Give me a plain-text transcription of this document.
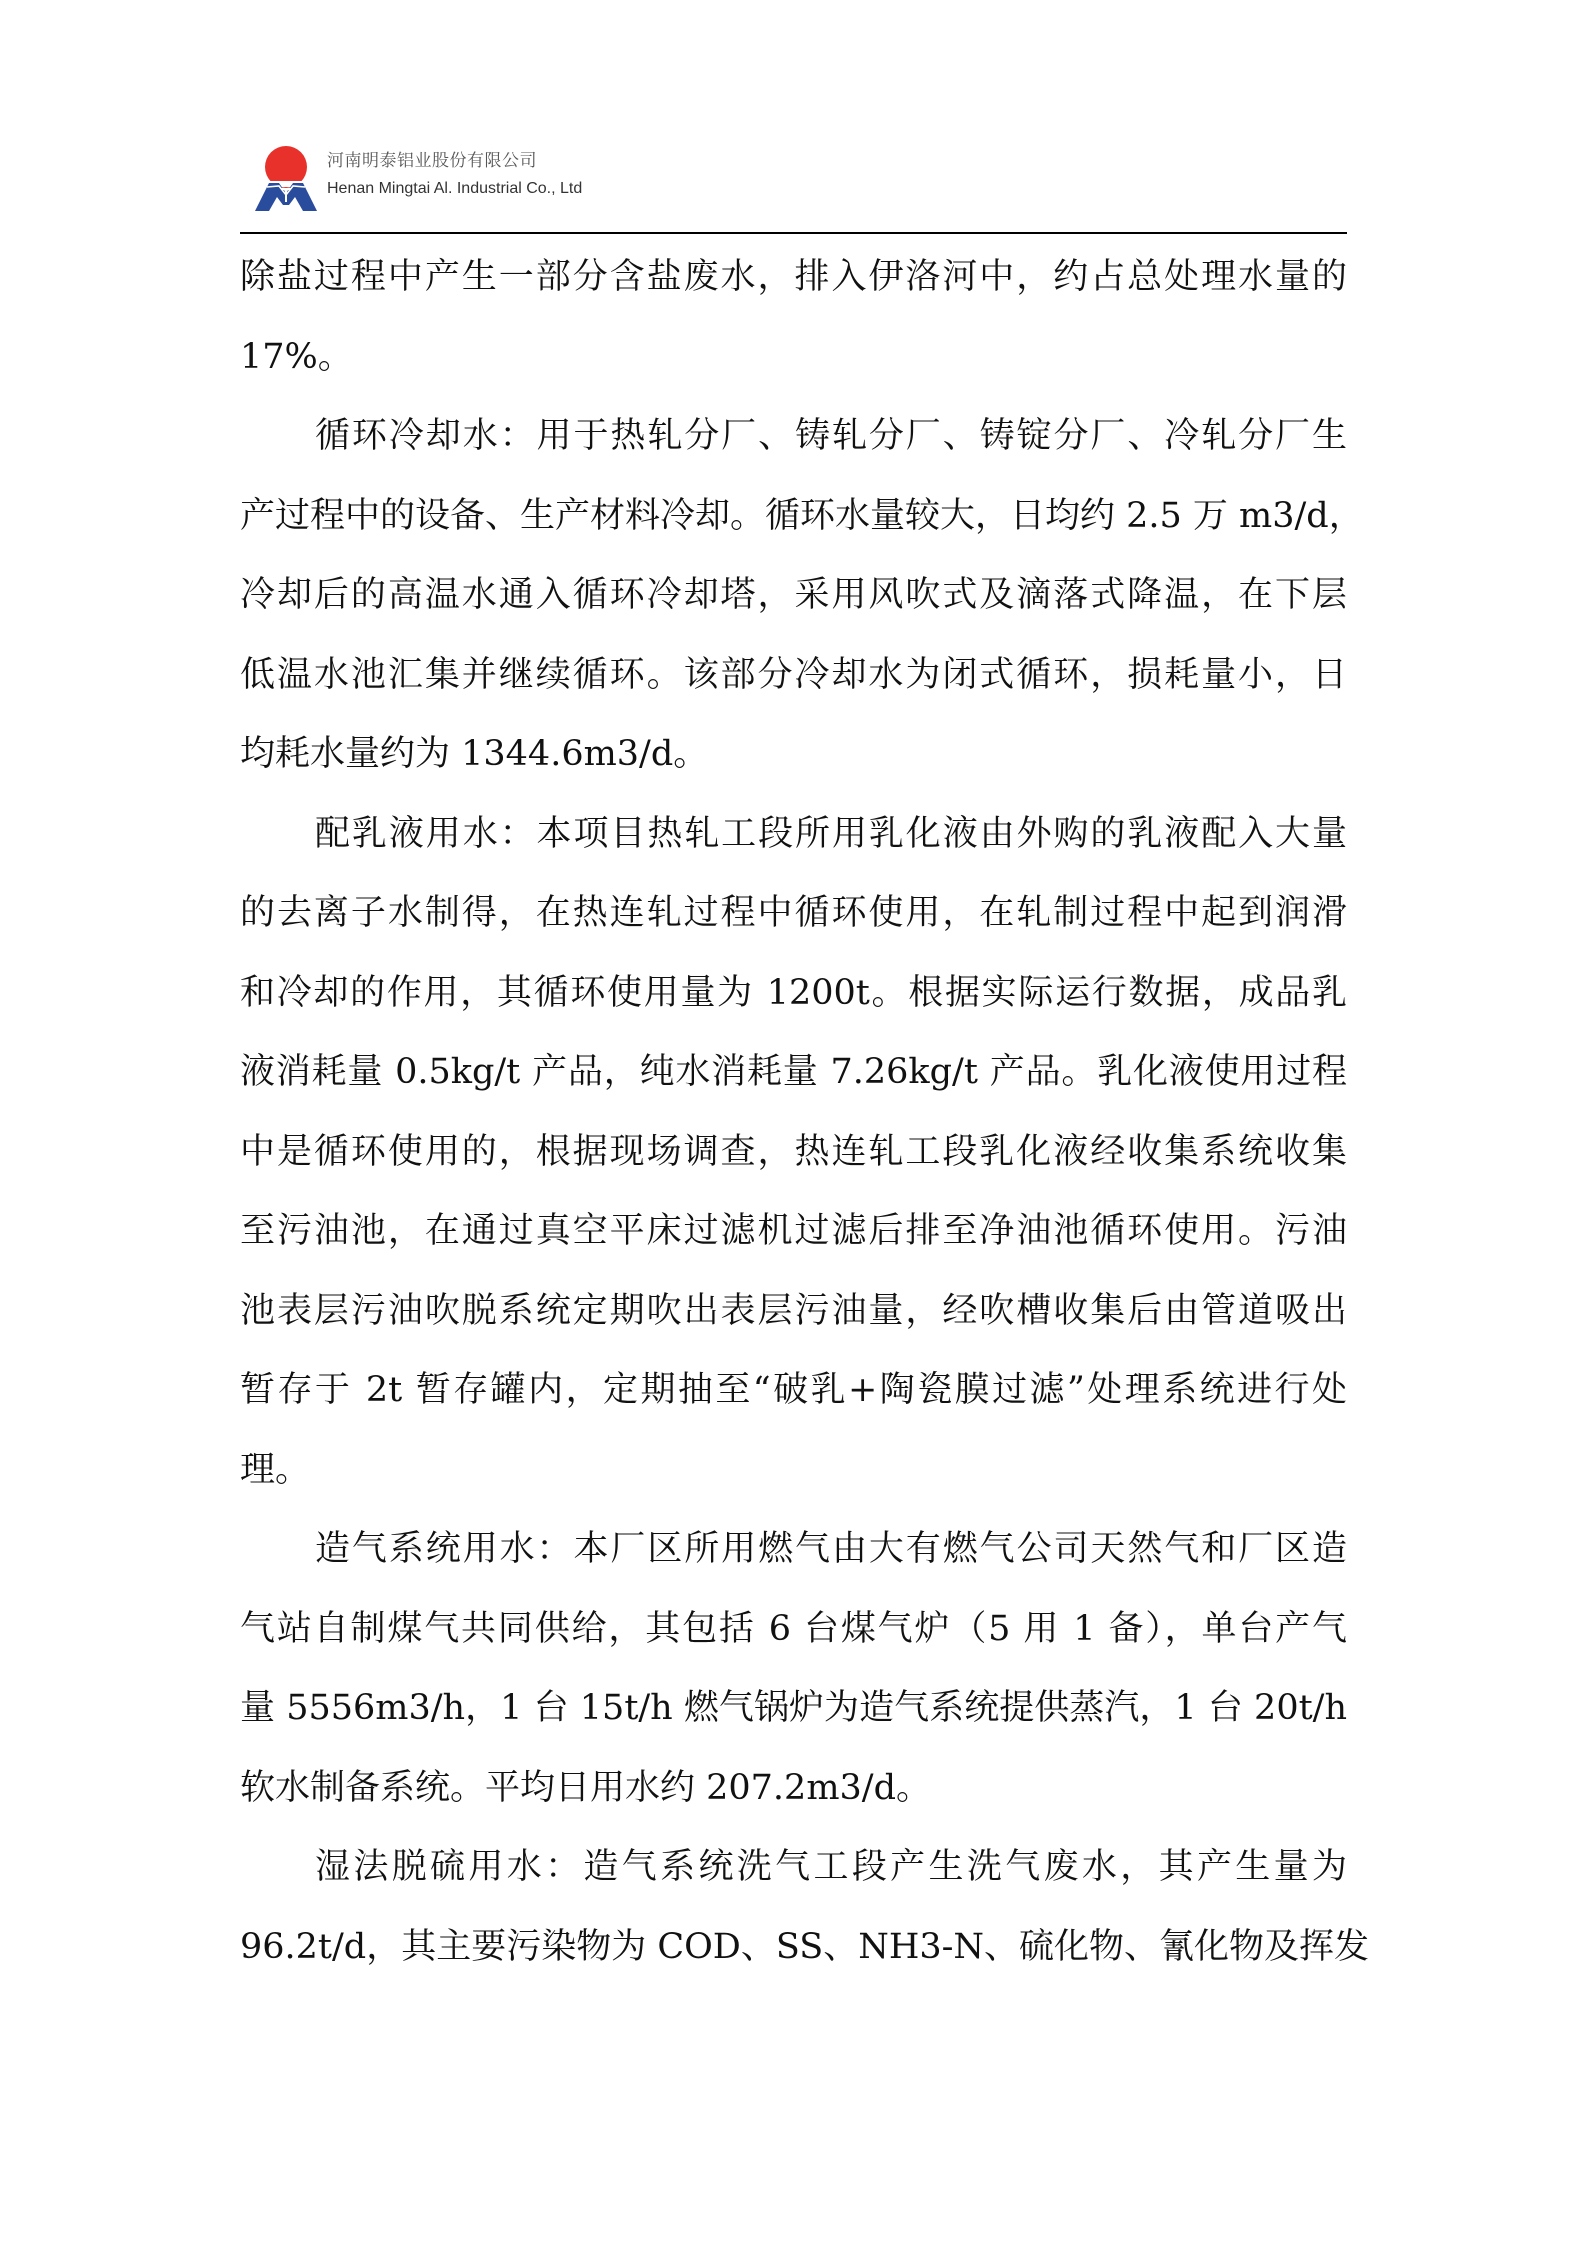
河南明泰铝业股份有限公司
Henan Mingtai Al. Industrial Co., Ltd
除盐过程中产生一部分含盐废水，排入伊洛河中，约占总处理水量的
17%。
循环冷却水：用于热轧分厂、铸轧分厂、铸锭分厂、冷轧分厂生
产过程中的设备、生产材料冷却。循环水量较大，日均约 2.5 万 m3/d，
冷却后的高温水通入循环冷却塔，采用风吹式及滴落式降温，在下层
低温水池汇集并继续循环。该部分冷却水为闭式循环，损耗量小，日
均耗水量约为 1344.6m3/d。
配乳液用水：本项目热轧工段所用乳化液由外购的乳液配入大量
的去离子水制得，在热连轧过程中循环使用，在轧制过程中起到润滑
和冷却的作用，其循环使用量为 1200t。根据实际运行数据，成品乳
液消耗量 0.5kg/t 产品，纯水消耗量 7.26kg/t 产品。乳化液使用过程
中是循环使用的，根据现场调查，热连轧工段乳化液经收集系统收集
至污油池，在通过真空平床过滤机过滤后排至净油池循环使用。污油
池表层污油吹脱系统定期吹出表层污油量，经吹槽收集后由管道吸出
暂存于 2t 暂存罐内，定期抽至“破乳+陶瓷膜过滤”处理系统进行处
理。
造气系统用水：本厂区所用燃气由大有燃气公司天然气和厂区造
气站自制煤气共同供给，其包括 6 台煤气炉（5 用 1 备），单台产气
量 5556m3/h，1 台 15t/h 燃气锅炉为造气系统提供蒸汽，1 台 20t/h
软水制备系统。平均日用水约 207.2m3/d。
湿法脱硫用水：造气系统洗气工段产生洗气废水，其产生量为
96.2t/d，其主要污染物为 COD、SS、NH3-N、硫化物、氰化物及挥发
